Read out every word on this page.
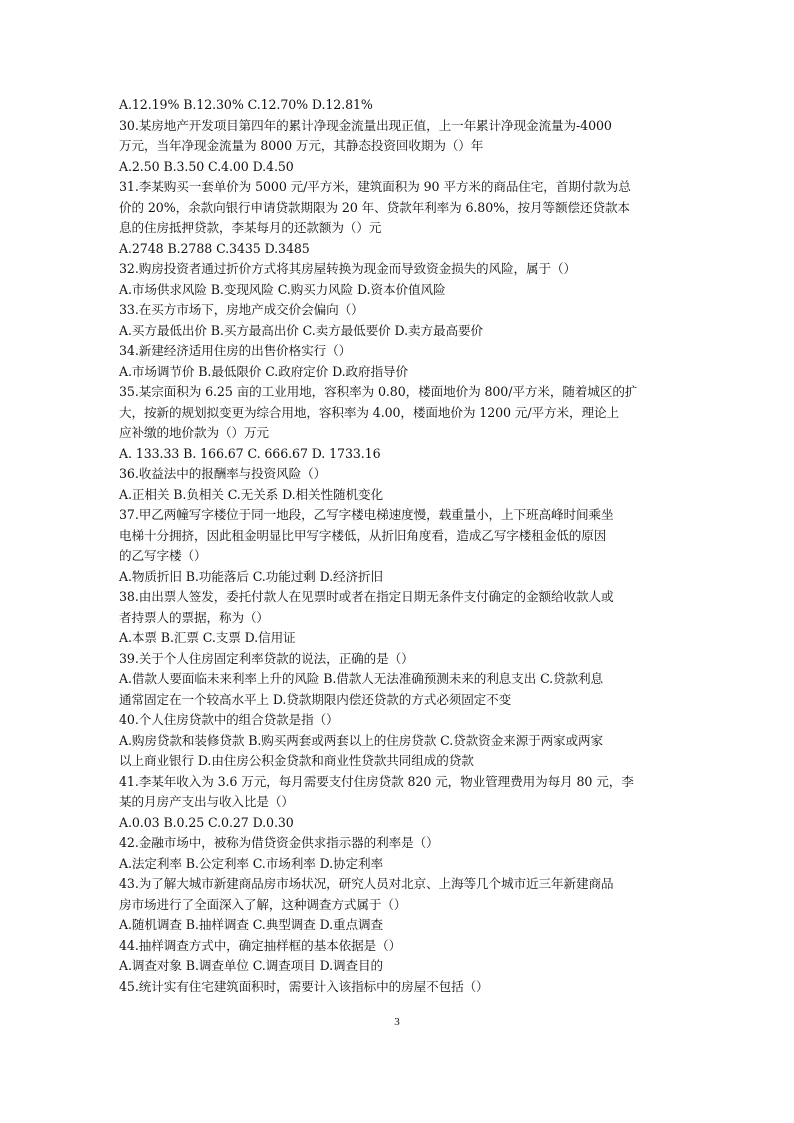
A.12.19% B.12.30% C.12.70% D.12.81%
30.某房地产开发项目第四年的累计净现金流量出现正值，上一年累计净现金流量为-4000
万元，当年净现金流量为 8000 万元，其静态投资回收期为（）年
A.2.50 B.3.50 C.4.00 D.4.50
31.李某购买一套单价为 5000 元/平方米，建筑面积为 90 平方米的商品住宅，首期付款为总
价的 20%，余款向银行申请贷款期限为 20 年、贷款年利率为 6.80%，按月等额偿还贷款本
息的住房抵押贷款，李某每月的还款额为（）元
A.2748 B.2788 C.3435 D.3485
32.购房投资者通过折价方式将其房屋转换为现金而导致资金损失的风险，属于（）
A.市场供求风险 B.变现风险 C.购买力风险 D.资本价值风险
33.在买方市场下，房地产成交价会偏向（）
A.买方最低出价 B.买方最高出价 C.卖方最低要价 D.卖方最高要价
34.新建经济适用住房的出售价格实行（）
A.市场调节价 B.最低限价 C.政府定价 D.政府指导价
35.某宗面积为 6.25 亩的工业用地，容积率为 0.80，楼面地价为 800/平方米，随着城区的扩
大，按新的规划拟变更为综合用地，容积率为 4.00，楼面地价为 1200 元/平方米，理论上
应补缴的地价款为（）万元
A. 133.33 B. 166.67 C. 666.67 D. 1733.16
36.收益法中的报酬率与投资风险（）
A.正相关 B.负相关 C.无关系 D.相关性随机变化
37.甲乙两幢写字楼位于同一地段，乙写字楼电梯速度慢，载重量小，上下班高峰时间乘坐
电梯十分拥挤，因此租金明显比甲写字楼低，从折旧角度看，造成乙写字楼租金低的原因
的乙写字楼（）
A.物质折旧 B.功能落后 C.功能过剩 D.经济折旧
38.由出票人签发，委托付款人在见票时或者在指定日期无条件支付确定的金额给收款人或
者持票人的票据，称为（）
A.本票 B.汇票 C.支票 D.信用证
39.关于个人住房固定利率贷款的说法，正确的是（）
A.借款人要面临未来利率上升的风险 B.借款人无法准确预测未来的利息支出 C.贷款利息
通常固定在一个较高水平上 D.贷款期限内偿还贷款的方式必须固定不变
40.个人住房贷款中的组合贷款是指（）
A.购房贷款和装修贷款 B.购买两套或两套以上的住房贷款 C.贷款资金来源于两家或两家
以上商业银行 D.由住房公积金贷款和商业性贷款共同组成的贷款
41.李某年收入为 3.6 万元，每月需要支付住房贷款 820 元，物业管理费用为每月 80 元，李
某的月房产支出与收入比是（）
A.0.03 B.0.25 C.0.27 D.0.30
42.金融市场中，被称为借贷资金供求指示器的利率是（）
A.法定利率 B.公定利率 C.市场利率 D.协定利率
43.为了解大城市新建商品房市场状况，研究人员对北京、上海等几个城市近三年新建商品
房市场进行了全面深入了解，这种调查方式属于（）
A.随机调查 B.抽样调查 C.典型调查 D.重点调查
44.抽样调查方式中，确定抽样框的基本依据是（）
A.调查对象 B.调查单位 C.调查项目 D.调查目的
45.统计实有住宅建筑面积时，需要计入该指标中的房屋不包括（）
3
